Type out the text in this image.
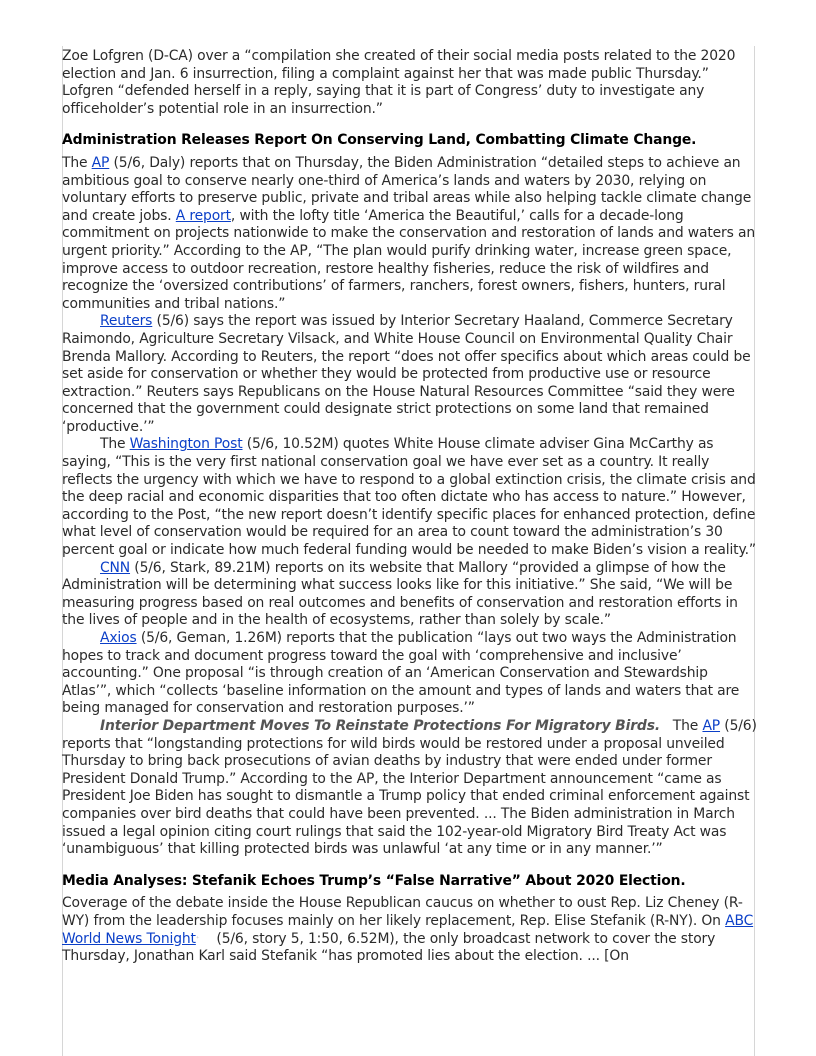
Zoe Lofgren (D-CA) over a “compilation she created of their social media posts related to the 2020 election and Jan. 6 insurrection, filing a complaint against her that was made public Thursday.” Lofgren “defended herself in a reply, saying that it is part of Congress’ duty to investigate any officeholder’s potential role in an insurrection.”

Administration Releases Report On Conserving Land, Combatting Climate Change.

The AP (5/6, Daly) reports that on Thursday, the Biden Administration “detailed steps to achieve an ambitious goal to conserve nearly one-third of America’s lands and waters by 2030, relying on voluntary efforts to preserve public, private and tribal areas while also helping tackle climate change and create jobs. A report, with the lofty title ‘America the Beautiful,’ calls for a decade-long commitment on projects nationwide to make the conservation and restoration of lands and waters an urgent priority.” According to the AP, “The plan would purify drinking water, increase green space, improve access to outdoor recreation, restore healthy fisheries, reduce the risk of wildfires and recognize the ‘oversized contributions’ of farmers, ranchers, forest owners, fishers, hunters, rural communities and tribal nations.”

Reuters (5/6) says the report was issued by Interior Secretary Haaland, Commerce Secretary Raimondo, Agriculture Secretary Vilsack, and White House Council on Environmental Quality Chair Brenda Mallory. According to Reuters, the report “does not offer specifics about which areas could be set aside for conservation or whether they would be protected from productive use or resource extraction.” Reuters says Republicans on the House Natural Resources Committee “said they were concerned that the government could designate strict protections on some land that remained ‘productive.’”

The Washington Post (5/6, 10.52M) quotes White House climate adviser Gina McCarthy as saying, “This is the very first national conservation goal we have ever set as a country. It really reflects the urgency with which we have to respond to a global extinction crisis, the climate crisis and the deep racial and economic disparities that too often dictate who has access to nature.” However, according to the Post, “the new report doesn’t identify specific places for enhanced protection, define what level of conservation would be required for an area to count toward the administration’s 30 percent goal or indicate how much federal funding would be needed to make Biden’s vision a reality.”

CNN (5/6, Stark, 89.21M) reports on its website that Mallory “provided a glimpse of how the Administration will be determining what success looks like for this initiative.” She said, “We will be measuring progress based on real outcomes and benefits of conservation and restoration efforts in the lives of people and in the health of ecosystems, rather than solely by scale.”

Axios (5/6, Geman, 1.26M) reports that the publication “lays out two ways the Administration hopes to track and document progress toward the goal with ‘comprehensive and inclusive’ accounting.” One proposal “is through creation of an ‘American Conservation and Stewardship Atlas’”, which “collects ‘baseline information on the amount and types of lands and waters that are being managed for conservation and restoration purposes.’”

Interior Department Moves To Reinstate Protections For Migratory Birds.   The AP (5/6) reports that “longstanding protections for wild birds would be restored under a proposal unveiled Thursday to bring back prosecutions of avian deaths by industry that were ended under former President Donald Trump.” According to the AP, the Interior Department announcement “came as President Joe Biden has sought to dismantle a Trump policy that ended criminal enforcement against companies over bird deaths that could have been prevented. ... The Biden administration in March issued a legal opinion citing court rulings that said the 102-year-old Migratory Bird Treaty Act was ‘unambiguous’ that killing protected birds was unlawful ‘at any time or in any manner.’”

Media Analyses: Stefanik Echoes Trump’s “False Narrative” About 2020 Election.

Coverage of the debate inside the House Republican caucus on whether to oust Rep. Liz Cheney (R-WY) from the leadership focuses mainly on her likely replacement, Rep. Elise Stefanik (R-NY). On ABC World News Tonight⁺    (5/6, story 5, 1:50, 6.52M), the only broadcast network to cover the story Thursday, Jonathan Karl said Stefanik “has promoted lies about the election. ... [On
